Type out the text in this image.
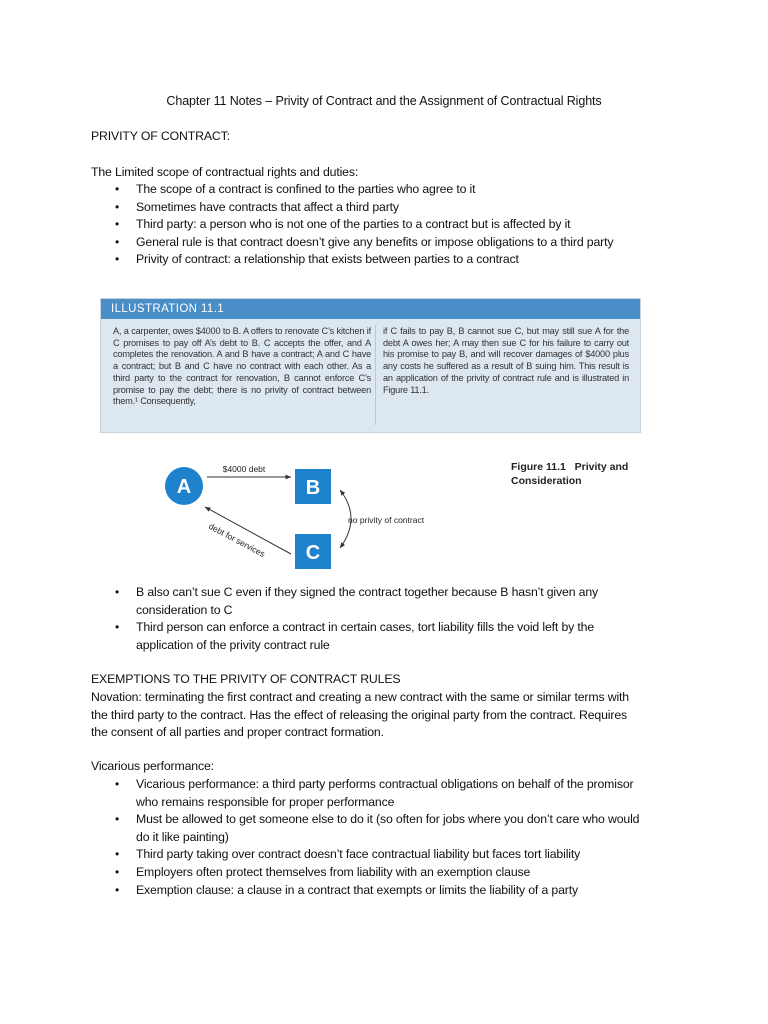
Chapter 11 Notes – Privity of Contract and the Assignment of Contractual Rights
PRIVITY OF CONTRACT:
The Limited scope of contractual rights and duties:
• The scope of a contract is confined to the parties who agree to it
• Sometimes have contracts that affect a third party
• Third party: a person who is not one of the parties to a contract but is affected by it
• General rule is that contract doesn’t give any benefits or impose obligations to a third party
• Privity of contract: a relationship that exists between parties to a contract
ILLUSTRATION 11.1
A, a carpenter, owes $4000 to B. A offers to renovate C’s kitchen if C promises to pay off A’s debt to B. C accepts the offer, and A completes the renovation. A and B have a contract; A and C have a contract; but B and C have no contract with each other. As a third party to the contract for renovation, B cannot enforce C’s promise to pay the debt; there is no privity of contract between them.¹ Consequently,
if C fails to pay B, B cannot sue C, but may still sue A for the debt A owes her; A may then sue C for his failure to carry out his promise to pay B, and will recover damages of $4000 plus any costs he suffered as a result of B suing him. This result is an application of the privity of contract rule and is illustrated in Figure 11.1.
A	B
C
$4000 debt
debt for services
no privity of contract
Figure 11.1 Privity and
Consideration
• B also can’t sue C even if they signed the contract together because B hasn’t given any
consideration to C
• Third person can enforce a contract in certain cases, tort liability fills the void left by the
application of the privity contract rule
EXEMPTIONS TO THE PRIVITY OF CONTRACT RULES
Novation: terminating the first contract and creating a new contract with the same or similar terms with
the third party to the contract. Has the effect of releasing the original party from the contract. Requires
the consent of all parties and proper contract formation.
Vicarious performance:
• Vicarious performance: a third party performs contractual obligations on behalf of the promisor
who remains responsible for proper performance
• Must be allowed to get someone else to do it (so often for jobs where you don’t care who would
do it like painting)
• Third party taking over contract doesn’t face contractual liability but faces tort liability
• Employers often protect themselves from liability with an exemption clause
• Exemption clause: a clause in a contract that exempts or limits the liability of a party
